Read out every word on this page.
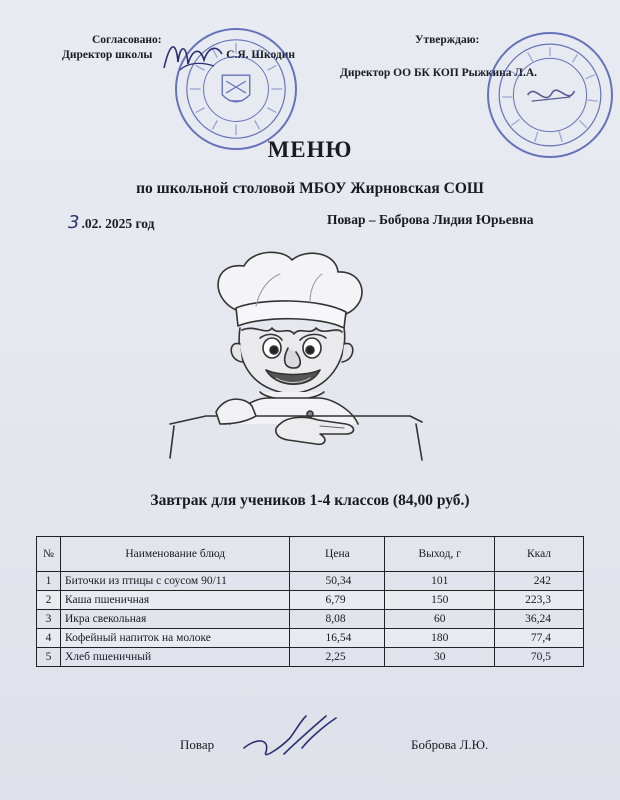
Согласовано:
Директор школы	С.Я. Шкодин
Утверждаю:
Директор ОО БК КОП Рыжкина Л.А.
МЕНЮ
по школьной столовой МБОУ Жирновская СОШ
3 .02. 2025 год	Повар – Боброва Лидия Юрьевна
Завтрак для учеников 1-4 классов (84,00 руб.)
№	Наименование блюд	Цена	Выход, г	Ккал
1	Биточки из птицы с соусом 90/11	50,34	101	242
2	Каша пшеничная	6,79	150	223,3
3	Икра свекольная	8,08	60	36,24
4	Кофейный напиток на молоке	16,54	180	77,4
5	Хлеб пшеничный	2,25	30	70,5
Повар	Боброва Л.Ю.
